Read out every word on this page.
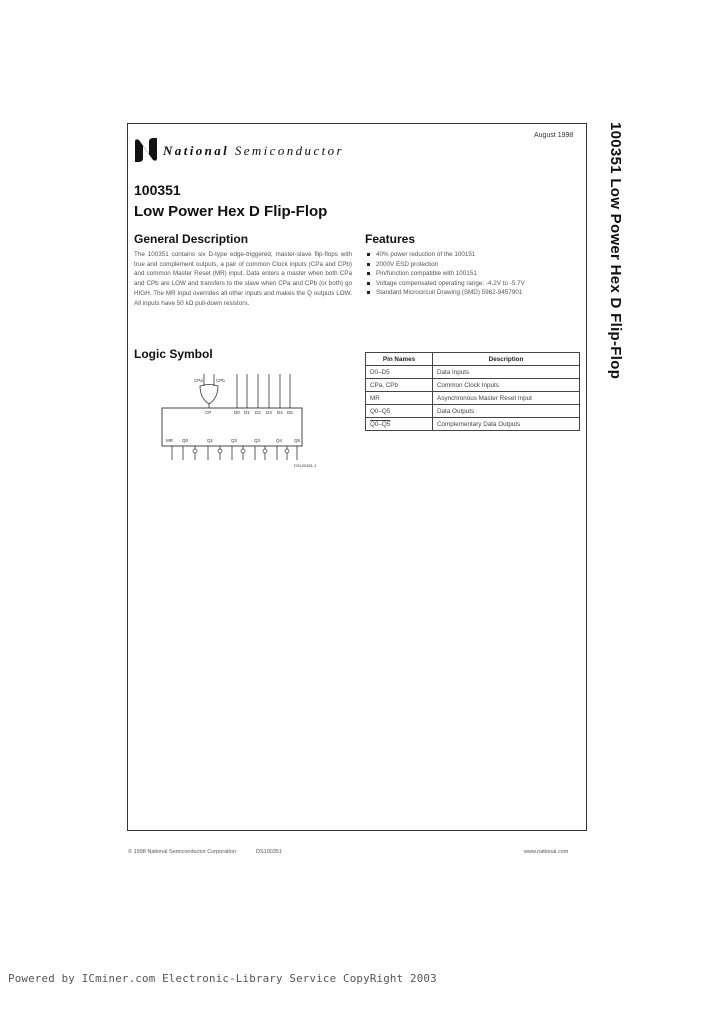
National Semiconductor
August 1998
100351
Low Power Hex D Flip-Flop	100351 Low Power Hex D Flip-Flop
General Description
The 100351 contains six D-type edge-triggered, master-slave flip-flops with true and complement outputs, a pair of common Clock inputs (CPa and CPb) and common Master Reset (MR) input. Data enters a master when both CPa and CPb are LOW and transfers to the slave when CPa and CPb (or both) go HIGH. The MR input overrides all other inputs and makes the Q outputs LOW. All inputs have 50 kΩ pull-down resistors.
Features
40% power reduction of the 100151
2000V ESD protection
Pin/function compatible with 100151
Voltage compensated operating range: -4.2V to -5.7V
Standard Microcircuit Drawing (SMD) 5962-9457901
Logic Symbol
CPa	CPb
CP	D0 D1 D2 D3 D4 D5
MR Q0	Q1	Q2	Q3	Q4	Q5
DS100351-1
Pin Names	Description
D0–D5	Data Inputs
CPa, CPb	Common Clock Inputs
MR	Asynchronous Master Reset Input
Q0–Q5	Data Outputs
Q0–Q5	Complementary Data Outputs
© 1998 National Semiconductor Corporation	DS100351	www.national.com
Powered by ICminer.com Electronic-Library Service CopyRight 2003
